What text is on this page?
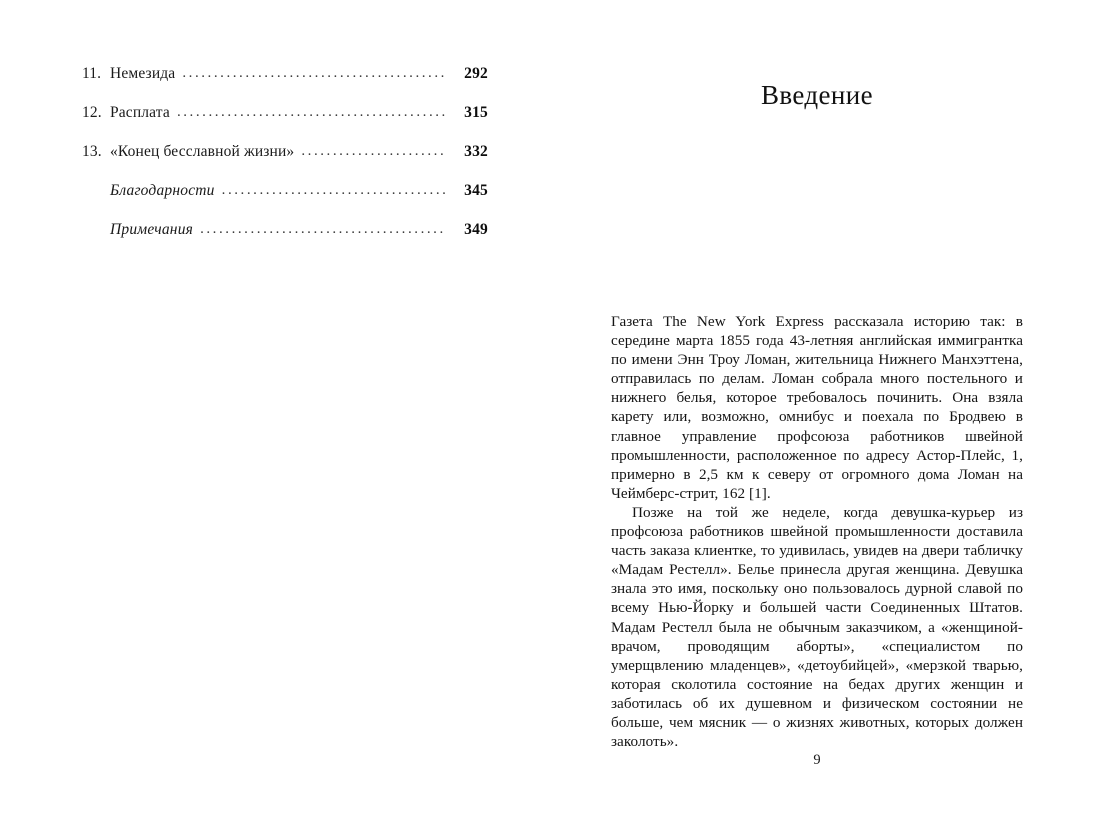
11. Немезида . . .	292
12. Расплата . . .	315
13. «Конец бесславной жизни» . . .	332
Благодарности . . .	345
Примечания . . .	349
Введение

Газета The New York Express рассказала историю так: в середине марта 1855 года 43-летняя английская иммигрантка по имени Энн Троу Ломан, жительница Нижнего Манхэттена, отправилась по делам. Ломан собрала много постельного и нижнего белья, которое требовалось починить. Она взяла карету или, возможно, омнибус и поехала по Бродвею в главное управление профсоюза работников швейной промышленности, расположенное по адресу Астор-Плейс, 1, примерно в 2,5 км к северу от огромного дома Ломан на Чеймберс-стрит, 162 [1].

Позже на той же неделе, когда девушка-курьер из профсоюза работников швейной промышленности доставила часть заказа клиентке, то удивилась, увидев на двери табличку «Мадам Рестелл». Белье принесла другая женщина. Девушка знала это имя, поскольку оно пользовалось дурной славой по всему Нью-Йорку и большей части Соединенных Штатов. Мадам Рестелл была не обычным заказчиком, а «женщиной-врачом, проводящим аборты», «специалистом по умерщвлению младенцев», «детоубийцей», «мерзкой тварью, которая сколотила состояние на бедах других женщин и заботилась об их душевном и физическом состоянии не больше, чем мясник — о жизнях животных, которых должен заколоть».

9
